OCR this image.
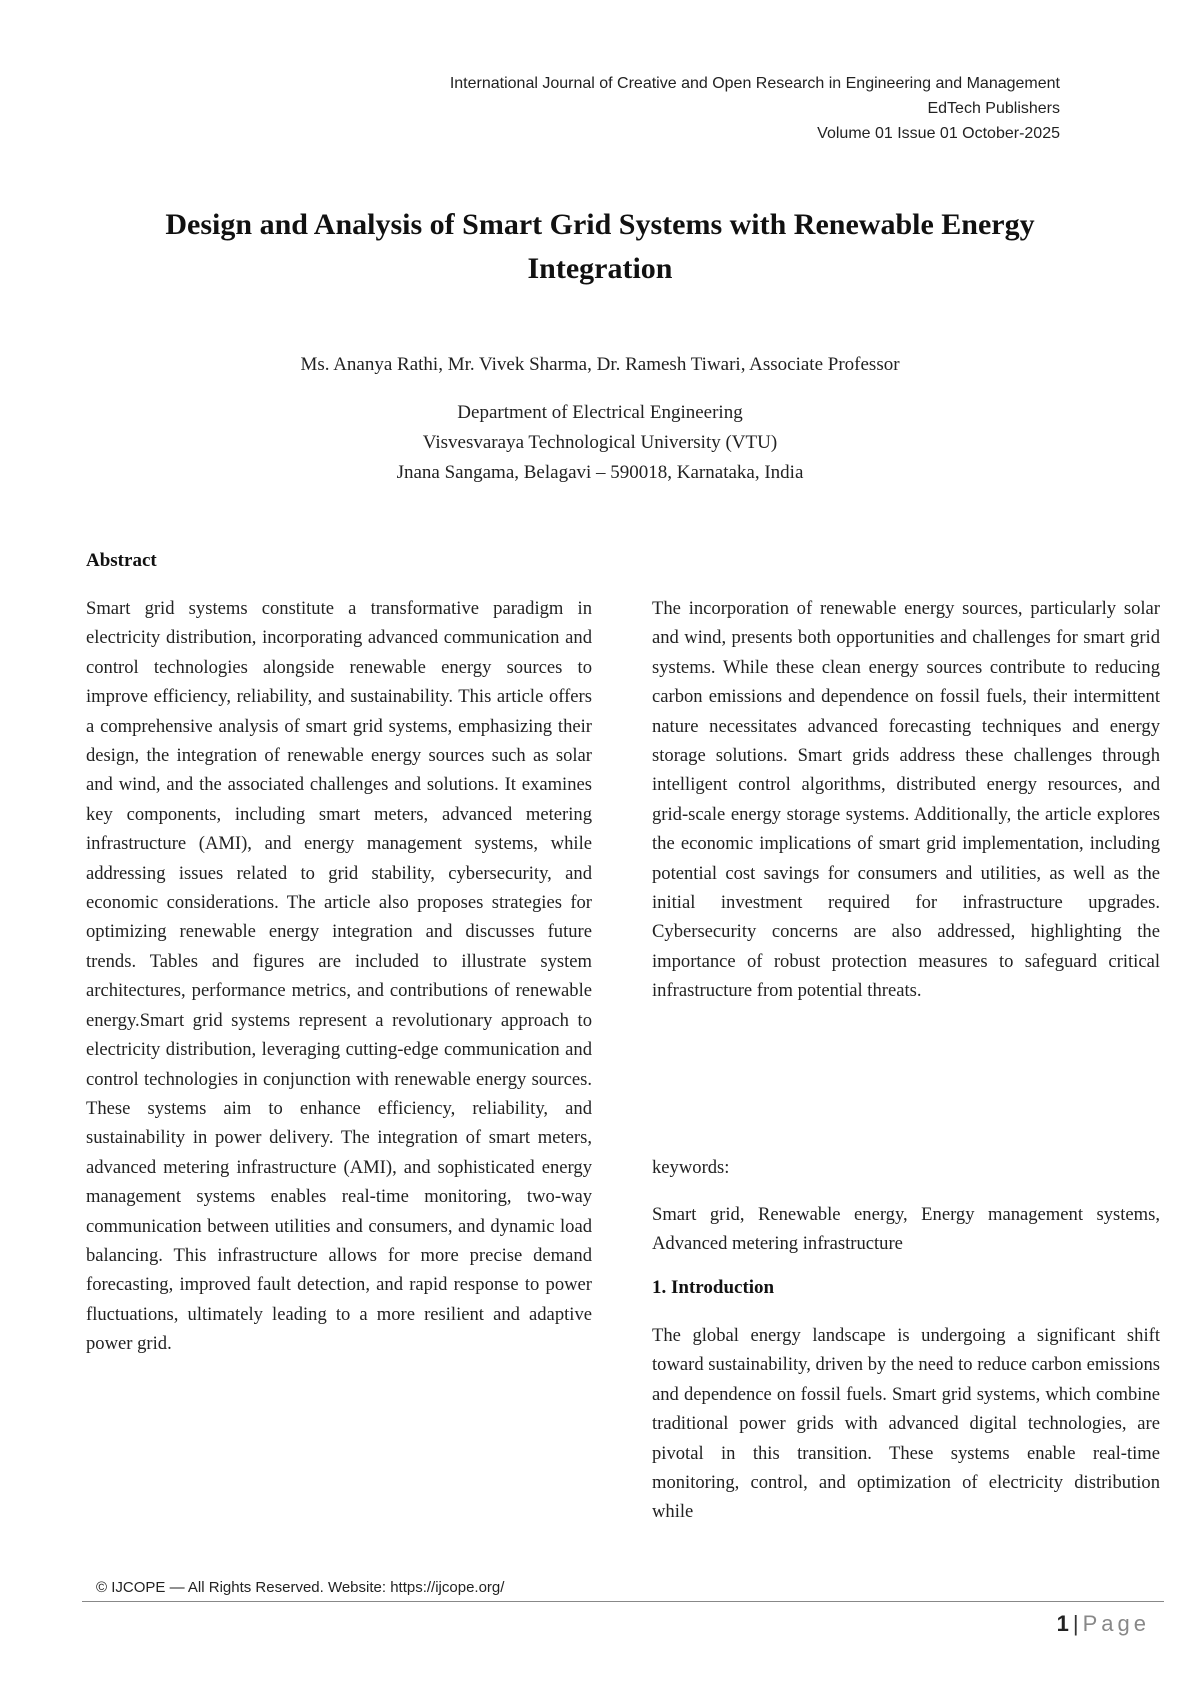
International Journal of Creative and Open Research in Engineering and Management
EdTech Publishers
Volume 01 Issue 01 October-2025
Design and Analysis of Smart Grid Systems with Renewable Energy Integration
Ms. Ananya Rathi, Mr. Vivek Sharma, Dr. Ramesh Tiwari, Associate Professor
Department of Electrical Engineering
Visvesvaraya Technological University (VTU)
Jnana Sangama, Belagavi – 590018, Karnataka, India
Abstract

Smart grid systems constitute a transformative paradigm in electricity distribution, incorporating advanced communication and control technologies alongside renewable energy sources to improve efficiency, reliability, and sustainability. This article offers a comprehensive analysis of smart grid systems, emphasizing their design, the integration of renewable energy sources such as solar and wind, and the associated challenges and solutions. It examines key components, including smart meters, advanced metering infrastructure (AMI), and energy management systems, while addressing issues related to grid stability, cybersecurity, and economic considerations. The article also proposes strategies for optimizing renewable energy integration and discusses future trends. Tables and figures are included to illustrate system architectures, performance metrics, and contributions of renewable energy.Smart grid systems represent a revolutionary approach to electricity distribution, leveraging cutting-edge communication and control technologies in conjunction with renewable energy sources. These systems aim to enhance efficiency, reliability, and sustainability in power delivery. The integration of smart meters, advanced metering infrastructure (AMI), and sophisticated energy management systems enables real-time monitoring, two-way communication between utilities and consumers, and dynamic load balancing. This infrastructure allows for more precise demand forecasting, improved fault detection, and rapid response to power fluctuations, ultimately leading to a more resilient and adaptive power grid.

The incorporation of renewable energy sources, particularly solar and wind, presents both opportunities and challenges for smart grid systems. While these clean energy sources contribute to reducing carbon emissions and dependence on fossil fuels, their intermittent nature necessitates advanced forecasting techniques and energy storage solutions. Smart grids address these challenges through intelligent control algorithms, distributed energy resources, and grid-scale energy storage systems. Additionally, the article explores the economic implications of smart grid implementation, including potential cost savings for consumers and utilities, as well as the initial investment required for infrastructure upgrades. Cybersecurity concerns are also addressed, highlighting the importance of robust protection measures to safeguard critical infrastructure from potential threats.

keywords:

Smart grid, Renewable energy, Energy management systems, Advanced metering infrastructure

1. Introduction

The global energy landscape is undergoing a significant shift toward sustainability, driven by the need to reduce carbon emissions and dependence on fossil fuels. Smart grid systems, which combine traditional power grids with advanced digital technologies, are pivotal in this transition. These systems enable real-time monitoring, control, and optimization of electricity distribution while

© IJCOPE — All Rights Reserved. Website: https://ijcope.org/
1 | Page
